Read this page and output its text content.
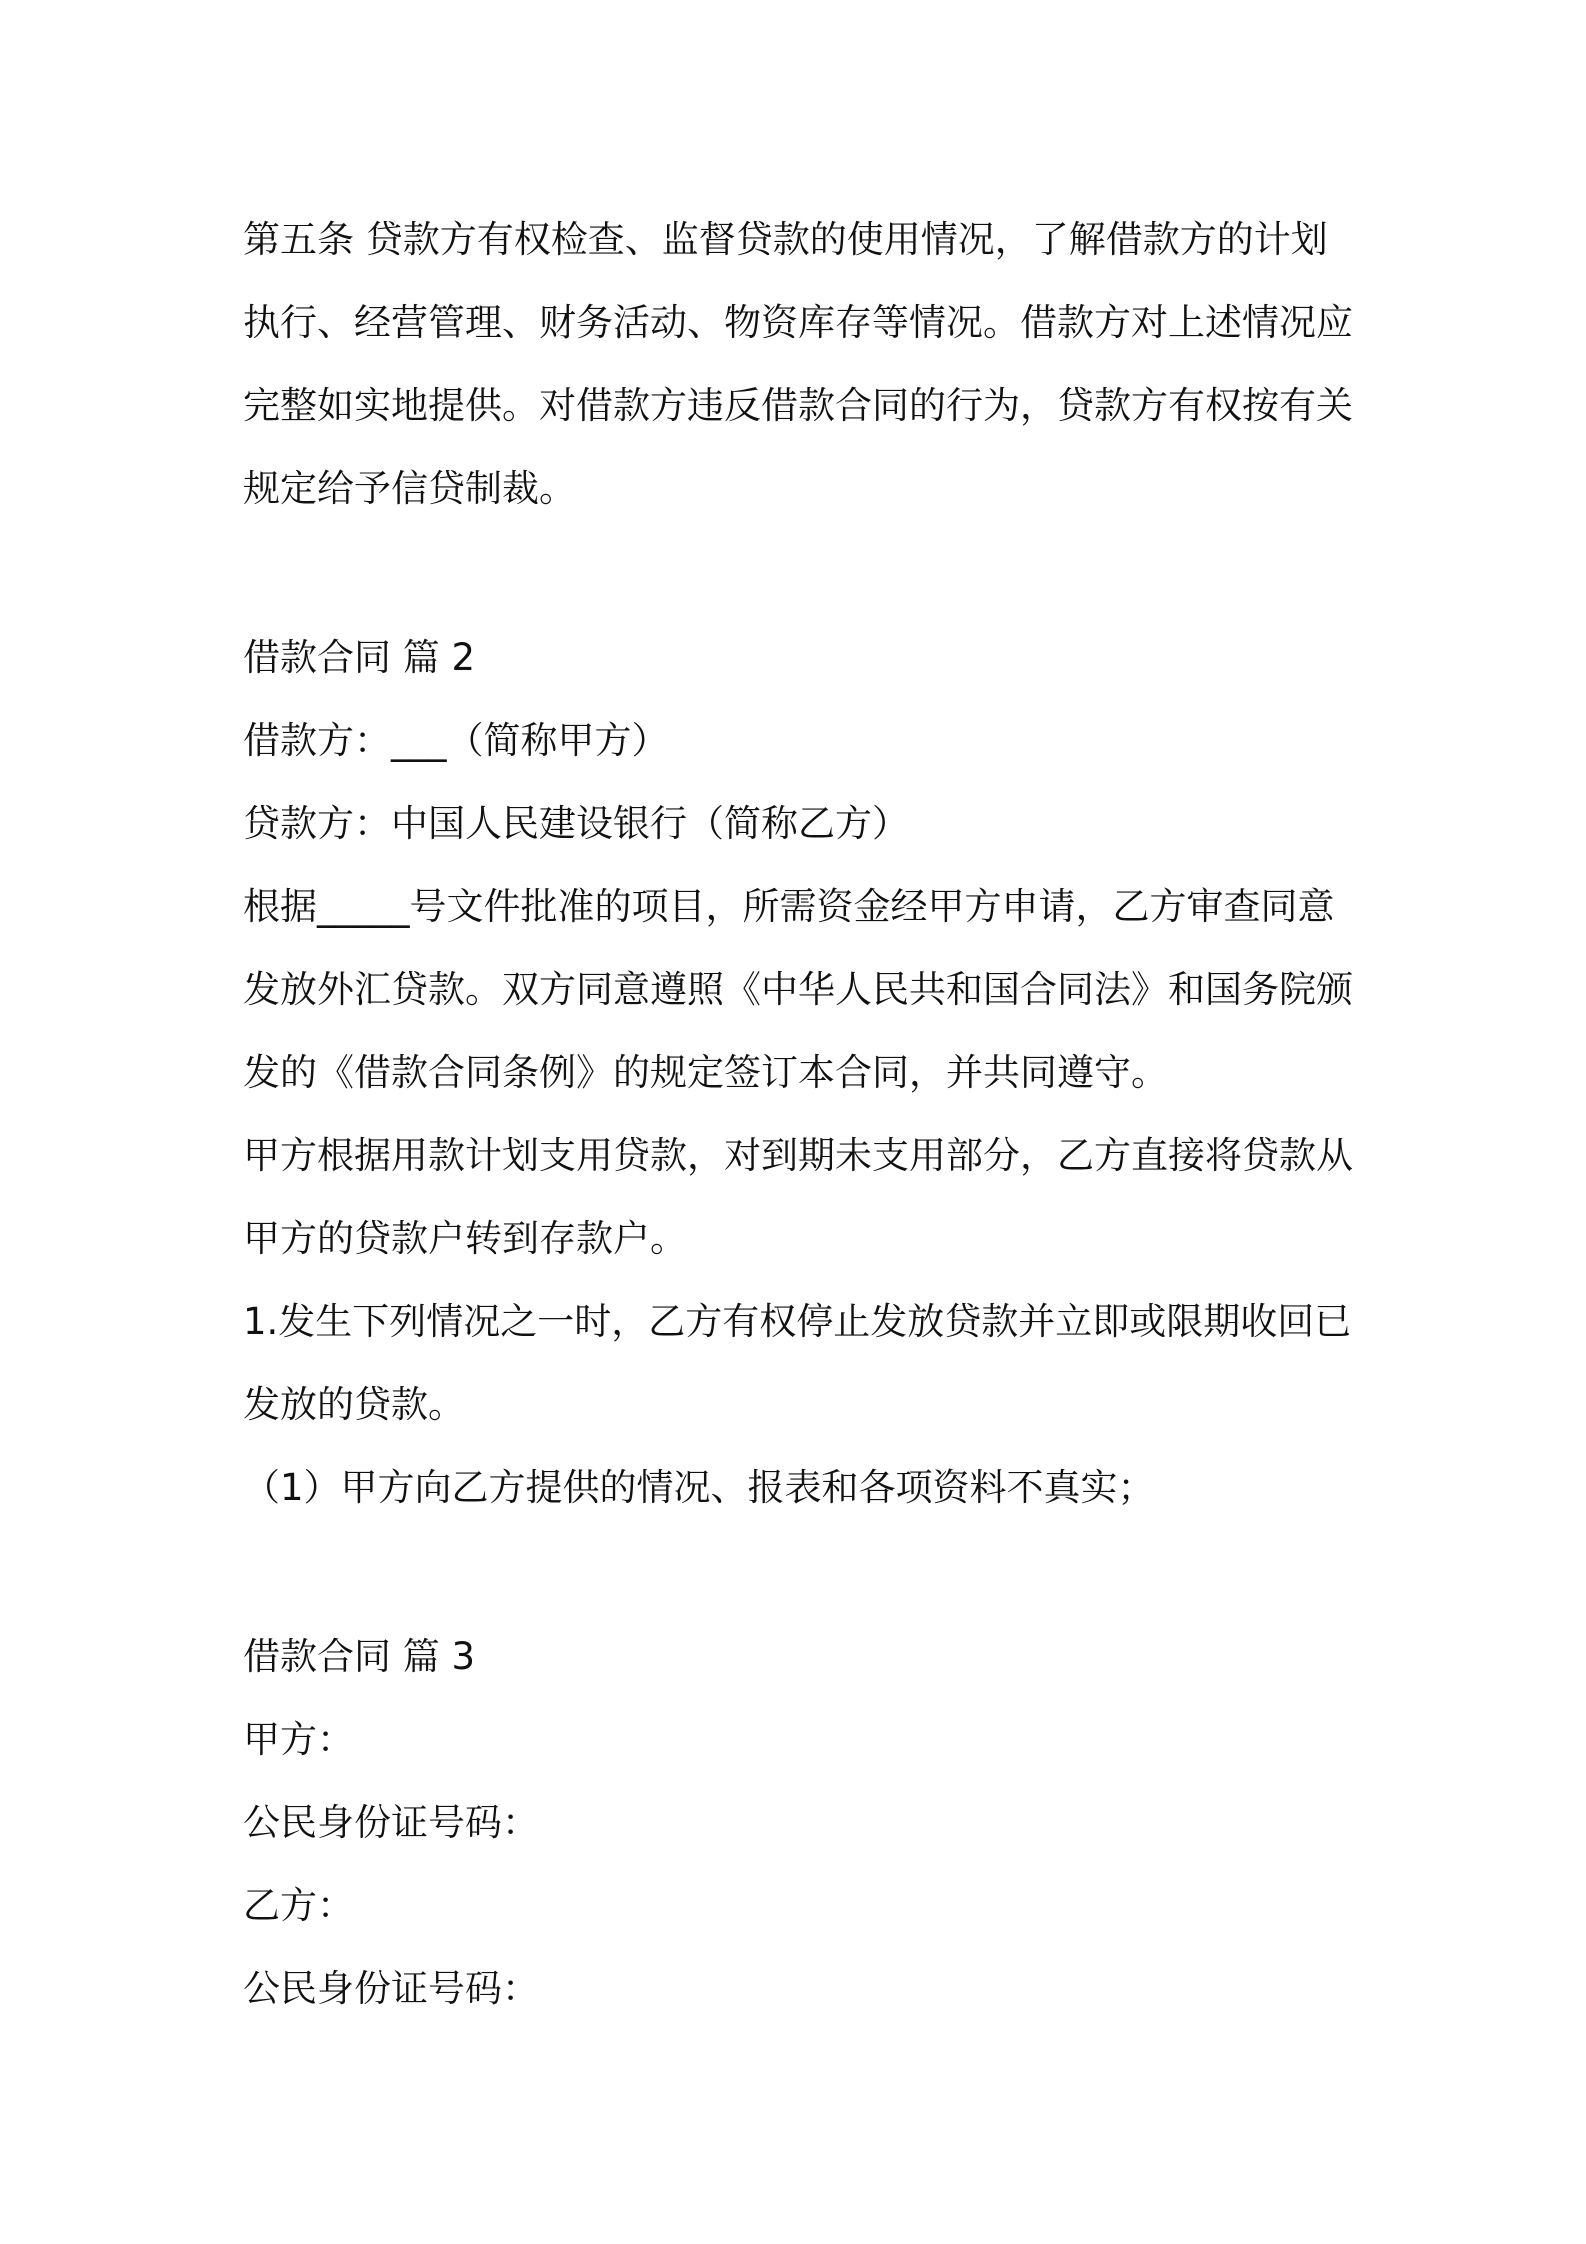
第五条 贷款方有权检查、监督贷款的使用情况，了解借款方的计划
执行、经营管理、财务活动、物资库存等情况。借款方对上述情况应
完整如实地提供。对借款方违反借款合同的行为，贷款方有权按有关
规定给予信贷制裁。
借款合同 篇 2
借款方：___（简称甲方）
贷款方：中国人民建设银行（简称乙方）
根据_____号文件批准的项目，所需资金经甲方申请，乙方审查同意
发放外汇贷款。双方同意遵照《中华人民共和国合同法》和国务院颁
发的《借款合同条例》的规定签订本合同，并共同遵守。
甲方根据用款计划支用贷款，对到期未支用部分，乙方直接将贷款从
甲方的贷款户转到存款户。
1.发生下列情况之一时，乙方有权停止发放贷款并立即或限期收回已
发放的贷款。
（1）甲方向乙方提供的情况、报表和各项资料不真实；
借款合同 篇 3
甲方：
公民身份证号码：
乙方：
公民身份证号码：
